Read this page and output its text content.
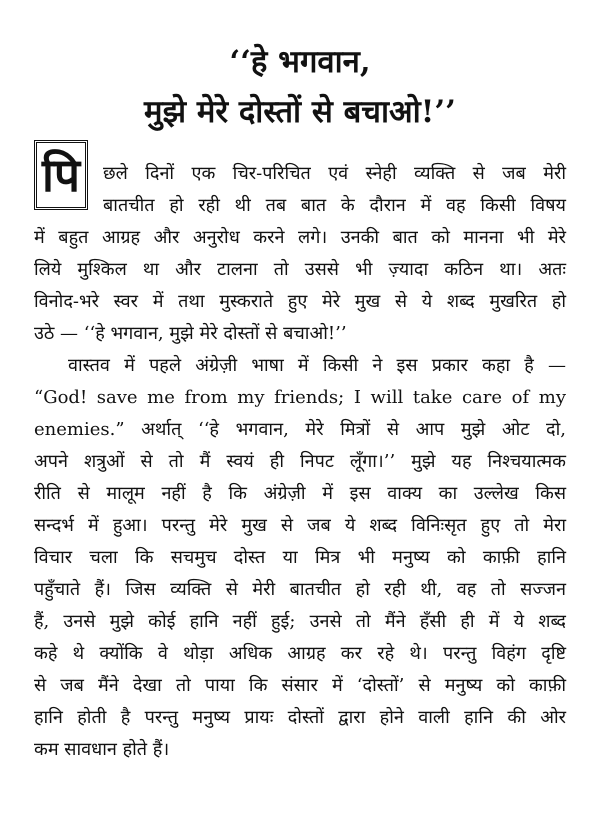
‘‘हे भगवान,
मुझे मेरे दोस्तों से बचाओ!’’
पि	छले दिनों एक चिर-परिचित एवं स्नेही व्यक्ति से जब मेरी
बातचीत हो रही थी तब बात के दौरान में वह किसी विषय
में बहुत आग्रह और अनुरोध करने लगे। उनकी बात को मानना भी मेरे
लिये मुश्किल था और टालना तो उससे भी ज़्यादा कठिन था। अतः
विनोद-भरे स्वर में तथा मुस्कराते हुए मेरे मुख से ये शब्द मुखरित हो
उठे — ‘‘हे भगवान, मुझे मेरे दोस्तों से बचाओ!’’
वास्तव में पहले अंग्रेज़ी भाषा में किसी ने इस प्रकार कहा है —
“God! save me from my friends; I will take care of my
enemies.” अर्थात् ‘‘हे भगवान, मेरे मित्रों से आप मुझे ओट दो,
अपने शत्रुओं से तो मैं स्वयं ही निपट लूँगा।’’ मुझे यह निश्चयात्मक
रीति से मालूम नहीं है कि अंग्रेज़ी में इस वाक्य का उल्लेख किस
सन्दर्भ में हुआ। परन्तु मेरे मुख से जब ये शब्द विनिःसृत हुए तो मेरा
विचार चला कि सचमुच दोस्त या मित्र भी मनुष्य को काफ़ी हानि
पहुँचाते हैं। जिस व्यक्ति से मेरी बातचीत हो रही थी, वह तो सज्जन
हैं, उनसे मुझे कोई हानि नहीं हुई; उनसे तो मैंने हँसी ही में ये शब्द
कहे थे क्योंकि वे थोड़ा अधिक आग्रह कर रहे थे। परन्तु विहंग दृष्टि
से जब मैंने देखा तो पाया कि संसार में ‘दोस्तों’ से मनुष्य को काफ़ी
हानि होती है परन्तु मनुष्य प्रायः दोस्तों द्वारा होने वाली हानि की ओर
कम सावधान होते हैं।
